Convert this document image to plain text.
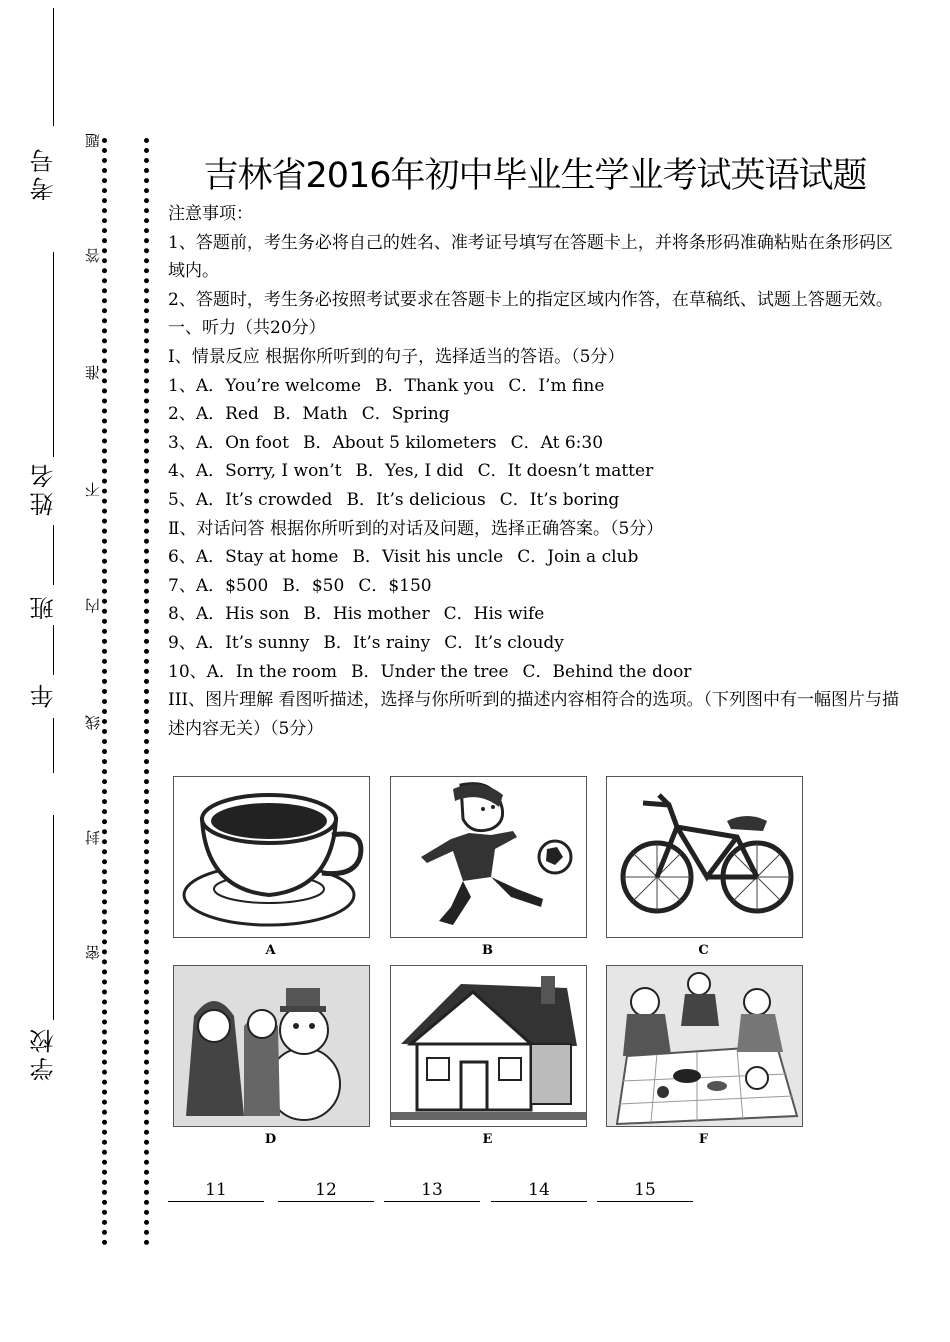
考号
姓名
班
年
学校
题
答
准
不
内
线
封
密
吉林省2016年初中毕业生学业考试英语试题

注意事项：

1、答题前，考生务必将自己的姓名、准考证号填写在答题卡上，并将条形码准确粘贴在条形码区域内。

2、答题时，考生务必按照考试要求在答题卡上的指定区域内作答，在草稿纸、试题上答题无效。

一、听力（共20分）

Ⅰ、情景反应 根据你所听到的句子，选择适当的答语。（5分）

1、A．You’re welcome B．Thank you C．I’m fine

2、A．Red B．Math C．Spring

3、A．On foot B．About 5 kilometers C．At 6:30

4、A．Sorry, I won’t B．Yes, I did C．It doesn’t matter

5、A．It’s crowded B．It’s delicious C．It’s boring

Ⅱ、对话问答 根据你所听到的对话及问题，选择正确答案。（5分）

6、A．Stay at home B．Visit his uncle C．Join a club

7、A．$500 B．$50 C．$150

8、A．His son B．His mother C．His wife

9、A．It’s sunny B．It’s rainy C．It’s cloudy

10、A．In the room B．Under the tree C．Behind the door

III、图片理解 看图听描述，选择与你所听到的描述内容相符合的选项。（下列图中有一幅图片与描述内容无关）（5分）

A	B	C
D	E	F
11	12	13	14	15
